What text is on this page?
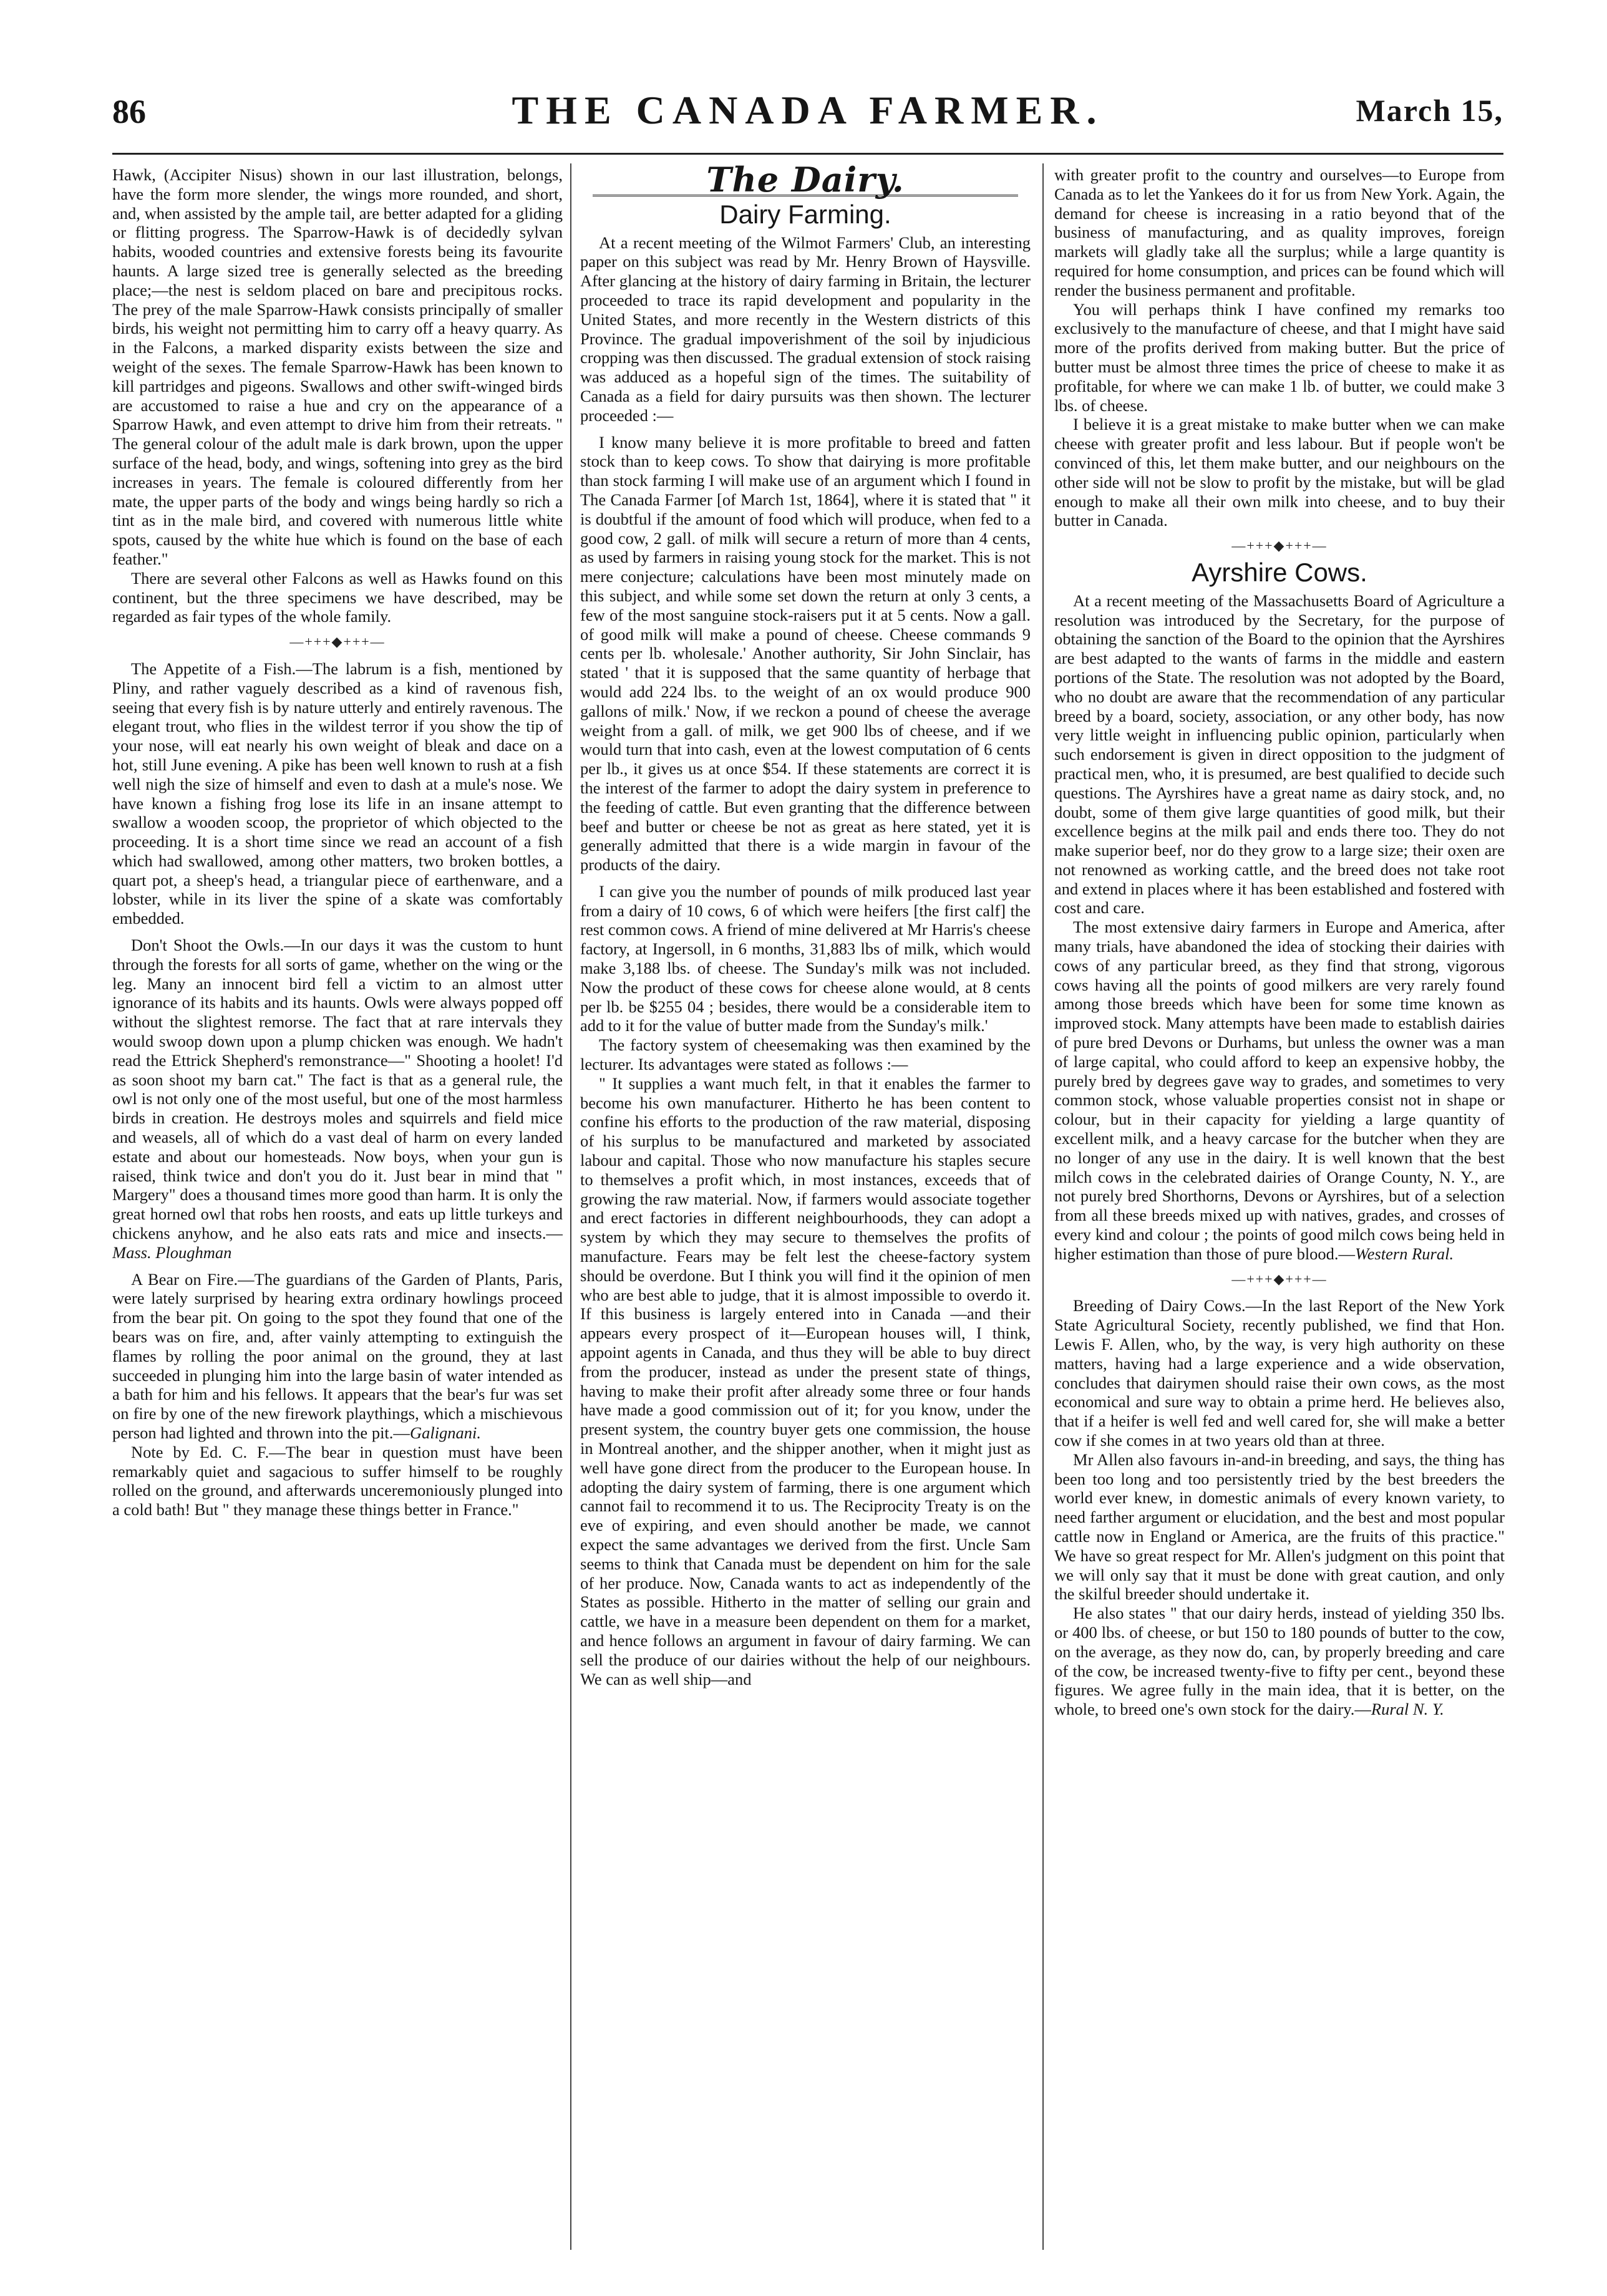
86	THE CANADA FARMER.	March 15,

Hawk, (Accipiter Nisus) shown in our last illustration, belongs, have the form more slender, the wings more rounded, and short, and, when assisted by the ample tail, are better adapted for a gliding or flitting progress. The Sparrow-Hawk is of decidedly sylvan habits, wooded countries and extensive forests being its favourite haunts. A large sized tree is generally selected as the breeding place;—the nest is seldom placed on bare and precipitous rocks. The prey of the male Sparrow-Hawk consists principally of smaller birds, his weight not permitting him to carry off a heavy quarry. As in the Falcons, a marked disparity exists between the size and weight of the sexes. The female Sparrow-Hawk has been known to kill partridges and pigeons. Swallows and other swift-winged birds are accustomed to raise a hue and cry on the appearance of a Sparrow Hawk, and even attempt to drive him from their retreats. " The general colour of the adult male is dark brown, upon the upper surface of the head, body, and wings, softening into grey as the bird increases in years. The female is coloured differently from her mate, the upper parts of the body and wings being hardly so rich a tint as in the male bird, and covered with numerous little white spots, caused by the white hue which is found on the base of each feather."

There are several other Falcons as well as Hawks found on this continent, but the three specimens we have described, may be regarded as fair types of the whole family.

—+++◆+++—

The Appetite of a Fish.—The labrum is a fish, mentioned by Pliny, and rather vaguely described as a kind of ravenous fish, seeing that every fish is by nature utterly and entirely ravenous. The elegant trout, who flies in the wildest terror if you show the tip of your nose, will eat nearly his own weight of bleak and dace on a hot, still June evening. A pike has been well known to rush at a fish well nigh the size of himself and even to dash at a mule's nose. We have known a fishing frog lose its life in an insane attempt to swallow a wooden scoop, the proprietor of which objected to the proceeding. It is a short time since we read an account of a fish which had swallowed, among other matters, two broken bottles, a quart pot, a sheep's head, a triangular piece of earthenware, and a lobster, while in its liver the spine of a skate was comfortably embedded.

Don't Shoot the Owls.—In our days it was the custom to hunt through the forests for all sorts of game, whether on the wing or the leg. Many an innocent bird fell a victim to an almost utter ignorance of its habits and its haunts. Owls were always popped off without the slightest remorse. The fact that at rare intervals they would swoop down upon a plump chicken was enough. We hadn't read the Ettrick Shepherd's remonstrance—" Shooting a hoolet! I'd as soon shoot my barn cat." The fact is that as a general rule, the owl is not only one of the most useful, but one of the most harmless birds in creation. He destroys moles and squirrels and field mice and weasels, all of which do a vast deal of harm on every landed estate and about our homesteads. Now boys, when your gun is raised, think twice and don't you do it. Just bear in mind that " Margery" does a thousand times more good than harm. It is only the great horned owl that robs hen roosts, and eats up little turkeys and chickens anyhow, and he also eats rats and mice and insects.—Mass. Ploughman

A Bear on Fire.—The guardians of the Garden of Plants, Paris, were lately surprised by hearing extra ordinary howlings proceed from the bear pit. On going to the spot they found that one of the bears was on fire, and, after vainly attempting to extinguish the flames by rolling the poor animal on the ground, they at last succeeded in plunging him into the large basin of water intended as a bath for him and his fellows. It appears that the bear's fur was set on fire by one of the new firework playthings, which a mischievous person had lighted and thrown into the pit.—Galignani.

Note by Ed. C. F.—The bear in question must have been remarkably quiet and sagacious to suffer himself to be roughly rolled on the ground, and afterwards unceremoniously plunged into a cold bath! But " they manage these things better in France."

The Dairy.
Dairy Farming.

At a recent meeting of the Wilmot Farmers' Club, an interesting paper on this subject was read by Mr. Henry Brown of Haysville. After glancing at the history of dairy farming in Britain, the lecturer proceeded to trace its rapid development and popularity in the United States, and more recently in the Western districts of this Province. The gradual impoverishment of the soil by injudicious cropping was then discussed. The gradual extension of stock raising was adduced as a hopeful sign of the times. The suitability of Canada as a field for dairy pursuits was then shown. The lecturer proceeded :—

I know many believe it is more profitable to breed and fatten stock than to keep cows. To show that dairying is more profitable than stock farming I will make use of an argument which I found in The Canada Farmer [of March 1st, 1864], where it is stated that " it is doubtful if the amount of food which will produce, when fed to a good cow, 2 gall. of milk will secure a return of more than 4 cents, as used by farmers in raising young stock for the market. This is not mere conjecture; calculations have been most minutely made on this subject, and while some set down the return at only 3 cents, a few of the most sanguine stock-raisers put it at 5 cents. Now a gall. of good milk will make a pound of cheese. Cheese commands 9 cents per lb. wholesale.' Another authority, Sir John Sinclair, has stated ' that it is supposed that the same quantity of herbage that would add 224 lbs. to the weight of an ox would produce 900 gallons of milk.' Now, if we reckon a pound of cheese the average weight from a gall. of milk, we get 900 lbs of cheese, and if we would turn that into cash, even at the lowest computation of 6 cents per lb., it gives us at once $54. If these statements are correct it is the interest of the farmer to adopt the dairy system in preference to the feeding of cattle. But even granting that the difference between beef and butter or cheese be not as great as here stated, yet it is generally admitted that there is a wide margin in favour of the products of the dairy.

I can give you the number of pounds of milk produced last year from a dairy of 10 cows, 6 of which were heifers [the first calf] the rest common cows. A friend of mine delivered at Mr Harris's cheese factory, at Ingersoll, in 6 months, 31,883 lbs of milk, which would make 3,188 lbs. of cheese. The Sunday's milk was not included. Now the product of these cows for cheese alone would, at 8 cents per lb. be $255 04 ; besides, there would be a considerable item to add to it for the value of butter made from the Sunday's milk.'

The factory system of cheesemaking was then examined by the lecturer. Its advantages were stated as follows :—

" It supplies a want much felt, in that it enables the farmer to become his own manufacturer. Hitherto he has been content to confine his efforts to the production of the raw material, disposing of his surplus to be manufactured and marketed by associated labour and capital. Those who now manufacture his staples secure to themselves a profit which, in most instances, exceeds that of growing the raw material. Now, if farmers would associate together and erect factories in different neighbourhoods, they can adopt a system by which they may secure to themselves the profits of manufacture. Fears may be felt lest the cheese-factory system should be overdone. But I think you will find it the opinion of men who are best able to judge, that it is almost impossible to overdo it. If this business is largely entered into in Canada —and their appears every prospect of it—European houses will, I think, appoint agents in Canada, and thus they will be able to buy direct from the producer, instead as under the present state of things, having to make their profit after already some three or four hands have made a good commission out of it; for you know, under the present system, the country buyer gets one commission, the house in Montreal another, and the shipper another, when it might just as well have gone direct from the producer to the European house. In adopting the dairy system of farming, there is one argument which cannot fail to recommend it to us. The Reciprocity Treaty is on the eve of expiring, and even should another be made, we cannot expect the same advantages we derived from the first. Uncle Sam seems to think that Canada must be dependent on him for the sale of her produce. Now, Canada wants to act as independently of the States as possible. Hitherto in the matter of selling our grain and cattle, we have in a measure been dependent on them for a market, and hence follows an argument in favour of dairy farming. We can sell the produce of our dairies without the help of our neighbours. We can as well ship—and

with greater profit to the country and ourselves—to Europe from Canada as to let the Yankees do it for us from New York. Again, the demand for cheese is increasing in a ratio beyond that of the business of manufacturing, and as quality improves, foreign markets will gladly take all the surplus; while a large quantity is required for home consumption, and prices can be found which will render the business permanent and profitable.

You will perhaps think I have confined my remarks too exclusively to the manufacture of cheese, and that I might have said more of the profits derived from making butter. But the price of butter must be almost three times the price of cheese to make it as profitable, for where we can make 1 lb. of butter, we could make 3 lbs. of cheese.

I believe it is a great mistake to make butter when we can make cheese with greater profit and less labour. But if people won't be convinced of this, let them make butter, and our neighbours on the other side will not be slow to profit by the mistake, but will be glad enough to make all their own milk into cheese, and to buy their butter in Canada.

—+++◆+++—
Ayrshire Cows.

At a recent meeting of the Massachusetts Board of Agriculture a resolution was introduced by the Secretary, for the purpose of obtaining the sanction of the Board to the opinion that the Ayrshires are best adapted to the wants of farms in the middle and eastern portions of the State. The resolution was not adopted by the Board, who no doubt are aware that the recommendation of any particular breed by a board, society, association, or any other body, has now very little weight in influencing public opinion, particularly when such endorsement is given in direct opposition to the judgment of practical men, who, it is presumed, are best qualified to decide such questions. The Ayrshires have a great name as dairy stock, and, no doubt, some of them give large quantities of good milk, but their excellence begins at the milk pail and ends there too. They do not make superior beef, nor do they grow to a large size; their oxen are not renowned as working cattle, and the breed does not take root and extend in places where it has been established and fostered with cost and care.

The most extensive dairy farmers in Europe and America, after many trials, have abandoned the idea of stocking their dairies with cows of any particular breed, as they find that strong, vigorous cows having all the points of good milkers are very rarely found among those breeds which have been for some time known as improved stock. Many attempts have been made to establish dairies of pure bred Devons or Durhams, but unless the owner was a man of large capital, who could afford to keep an expensive hobby, the purely bred by degrees gave way to grades, and sometimes to very common stock, whose valuable properties consist not in shape or colour, but in their capacity for yielding a large quantity of excellent milk, and a heavy carcase for the butcher when they are no longer of any use in the dairy. It is well known that the best milch cows in the celebrated dairies of Orange County, N. Y., are not purely bred Shorthorns, Devons or Ayrshires, but of a selection from all these breeds mixed up with natives, grades, and crosses of every kind and colour ; the points of good milch cows being held in higher estimation than those of pure blood.—Western Rural.

—+++◆+++—

Breeding of Dairy Cows.—In the last Report of the New York State Agricultural Society, recently published, we find that Hon. Lewis F. Allen, who, by the way, is very high authority on these matters, having had a large experience and a wide observation, concludes that dairymen should raise their own cows, as the most economical and sure way to obtain a prime herd. He believes also, that if a heifer is well fed and well cared for, she will make a better cow if she comes in at two years old than at three.

Mr Allen also favours in-and-in breeding, and says, the thing has been too long and too persistently tried by the best breeders the world ever knew, in domestic animals of every known variety, to need farther argument or elucidation, and the best and most popular cattle now in England or America, are the fruits of this practice." We have so great respect for Mr. Allen's judgment on this point that we will only say that it must be done with great caution, and only the skilful breeder should undertake it.

He also states " that our dairy herds, instead of yielding 350 lbs. or 400 lbs. of cheese, or but 150 to 180 pounds of butter to the cow, on the average, as they now do, can, by properly breeding and care of the cow, be increased twenty-five to fifty per cent., beyond these figures. We agree fully in the main idea, that it is better, on the whole, to breed one's own stock for the dairy.—Rural N. Y.
